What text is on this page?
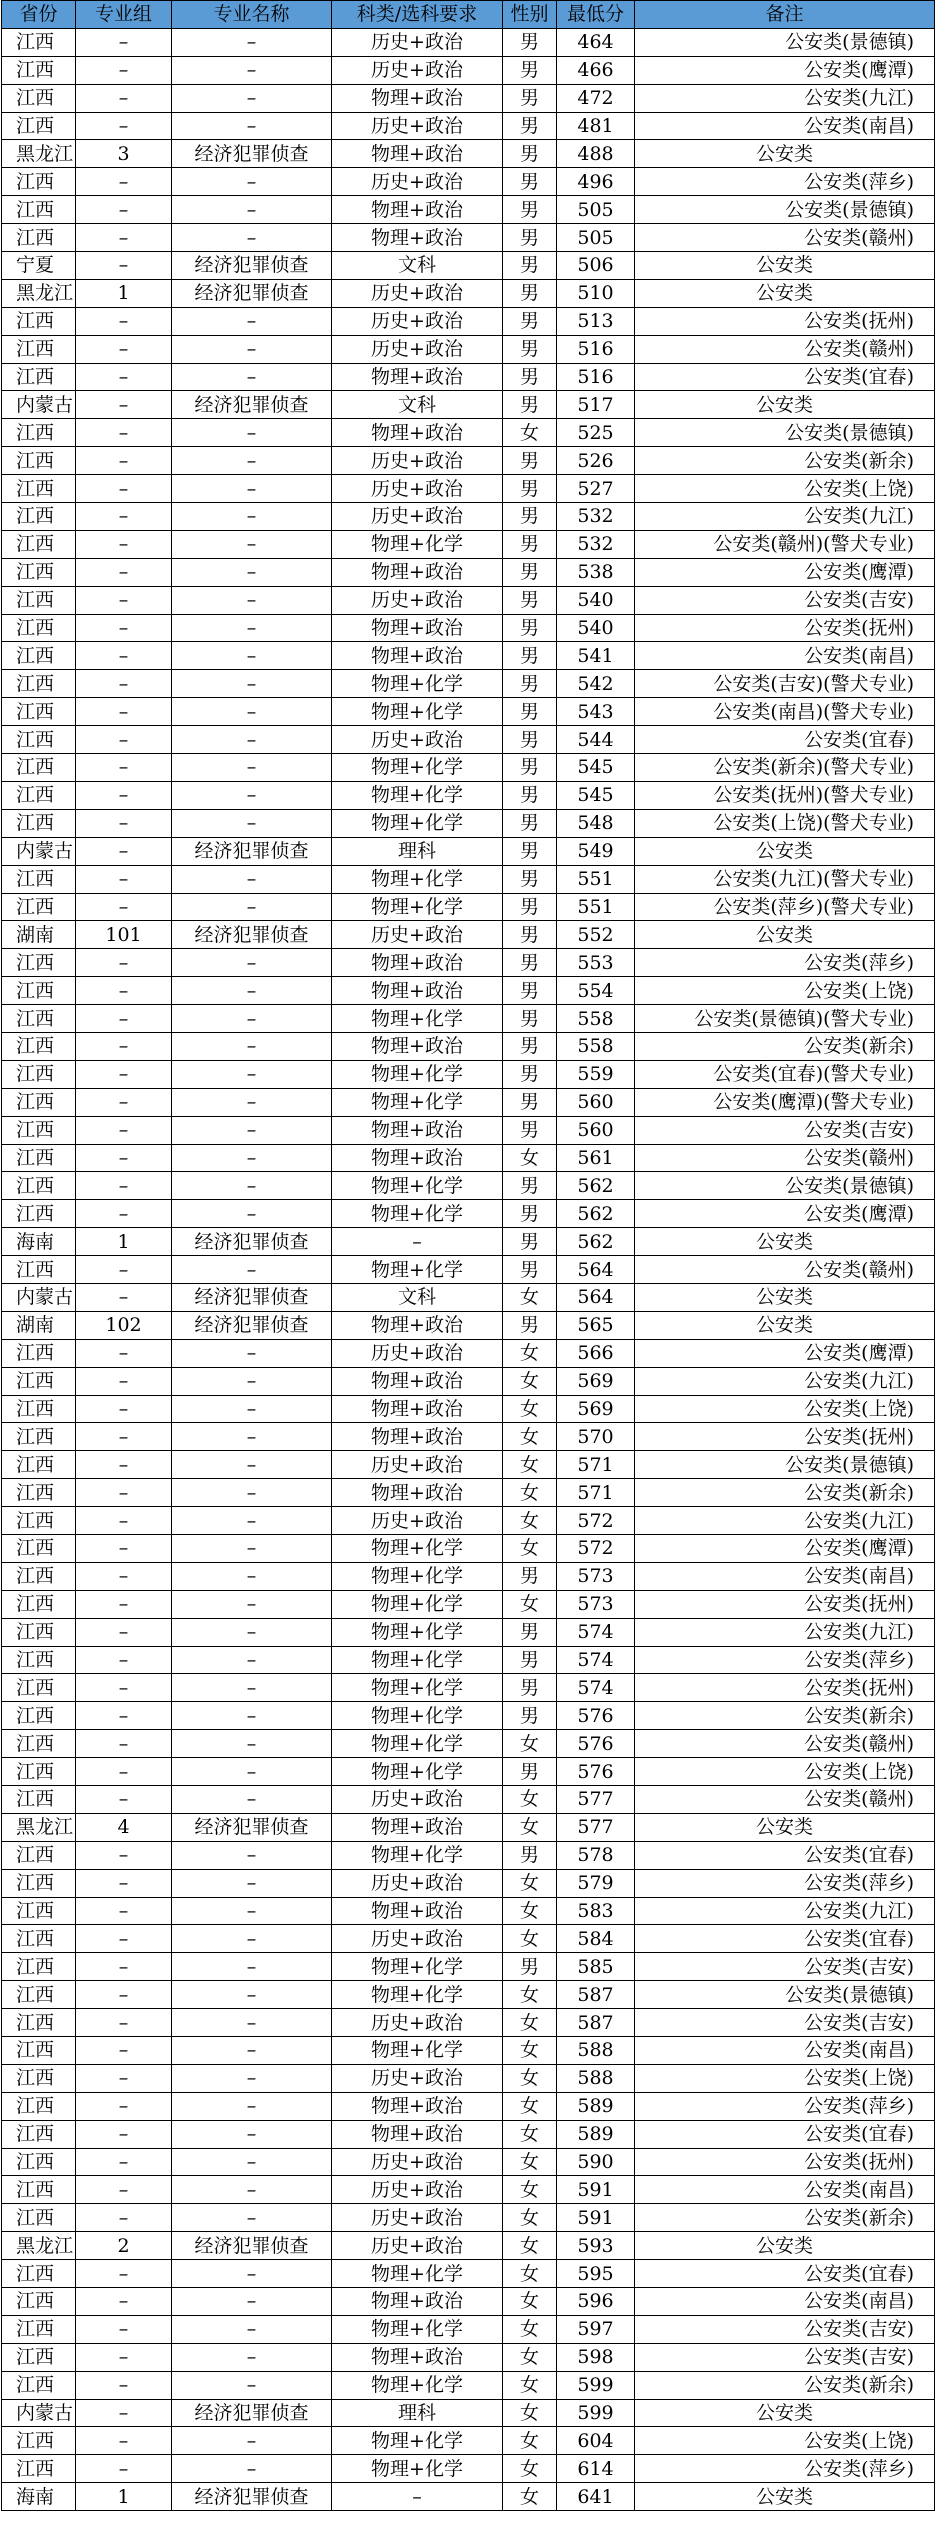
省份	专业组	专业名称	科类/选科要求	性别	最低分	备注
江西	–	–	历史+政治	男	464	公安类(景德镇)
江西	–	–	历史+政治	男	466	公安类(鹰潭)
江西	–	–	物理+政治	男	472	公安类(九江)
江西	–	–	历史+政治	男	481	公安类(南昌)
黑龙江	3	经济犯罪侦查	物理+政治	男	488	公安类
江西	–	–	历史+政治	男	496	公安类(萍乡)
江西	–	–	物理+政治	男	505	公安类(景德镇)
江西	–	–	物理+政治	男	505	公安类(赣州)
宁夏	–	经济犯罪侦查	文科	男	506	公安类
黑龙江	1	经济犯罪侦查	历史+政治	男	510	公安类
江西	–	–	历史+政治	男	513	公安类(抚州)
江西	–	–	历史+政治	男	516	公安类(赣州)
江西	–	–	物理+政治	男	516	公安类(宜春)
内蒙古	–	经济犯罪侦查	文科	男	517	公安类
江西	–	–	物理+政治	女	525	公安类(景德镇)
江西	–	–	历史+政治	男	526	公安类(新余)
江西	–	–	历史+政治	男	527	公安类(上饶)
江西	–	–	历史+政治	男	532	公安类(九江)
江西	–	–	物理+化学	男	532	公安类(赣州)(警犬专业)
江西	–	–	物理+政治	男	538	公安类(鹰潭)
江西	–	–	历史+政治	男	540	公安类(吉安)
江西	–	–	物理+政治	男	540	公安类(抚州)
江西	–	–	物理+政治	男	541	公安类(南昌)
江西	–	–	物理+化学	男	542	公安类(吉安)(警犬专业)
江西	–	–	物理+化学	男	543	公安类(南昌)(警犬专业)
江西	–	–	历史+政治	男	544	公安类(宜春)
江西	–	–	物理+化学	男	545	公安类(新余)(警犬专业)
江西	–	–	物理+化学	男	545	公安类(抚州)(警犬专业)
江西	–	–	物理+化学	男	548	公安类(上饶)(警犬专业)
内蒙古	–	经济犯罪侦查	理科	男	549	公安类
江西	–	–	物理+化学	男	551	公安类(九江)(警犬专业)
江西	–	–	物理+化学	男	551	公安类(萍乡)(警犬专业)
湖南	101	经济犯罪侦查	历史+政治	男	552	公安类
江西	–	–	物理+政治	男	553	公安类(萍乡)
江西	–	–	物理+政治	男	554	公安类(上饶)
江西	–	–	物理+化学	男	558	公安类(景德镇)(警犬专业)
江西	–	–	物理+政治	男	558	公安类(新余)
江西	–	–	物理+化学	男	559	公安类(宜春)(警犬专业)
江西	–	–	物理+化学	男	560	公安类(鹰潭)(警犬专业)
江西	–	–	物理+政治	男	560	公安类(吉安)
江西	–	–	物理+政治	女	561	公安类(赣州)
江西	–	–	物理+化学	男	562	公安类(景德镇)
江西	–	–	物理+化学	男	562	公安类(鹰潭)
海南	1	经济犯罪侦查	–	男	562	公安类
江西	–	–	物理+化学	男	564	公安类(赣州)
内蒙古	–	经济犯罪侦查	文科	女	564	公安类
湖南	102	经济犯罪侦查	物理+政治	男	565	公安类
江西	–	–	历史+政治	女	566	公安类(鹰潭)
江西	–	–	物理+政治	女	569	公安类(九江)
江西	–	–	物理+政治	女	569	公安类(上饶)
江西	–	–	物理+政治	女	570	公安类(抚州)
江西	–	–	历史+政治	女	571	公安类(景德镇)
江西	–	–	物理+政治	女	571	公安类(新余)
江西	–	–	历史+政治	女	572	公安类(九江)
江西	–	–	物理+化学	女	572	公安类(鹰潭)
江西	–	–	物理+化学	男	573	公安类(南昌)
江西	–	–	物理+化学	女	573	公安类(抚州)
江西	–	–	物理+化学	男	574	公安类(九江)
江西	–	–	物理+化学	男	574	公安类(萍乡)
江西	–	–	物理+化学	男	574	公安类(抚州)
江西	–	–	物理+化学	男	576	公安类(新余)
江西	–	–	物理+化学	女	576	公安类(赣州)
江西	–	–	物理+化学	男	576	公安类(上饶)
江西	–	–	历史+政治	女	577	公安类(赣州)
黑龙江	4	经济犯罪侦查	物理+政治	女	577	公安类
江西	–	–	物理+化学	男	578	公安类(宜春)
江西	–	–	历史+政治	女	579	公安类(萍乡)
江西	–	–	物理+政治	女	583	公安类(九江)
江西	–	–	历史+政治	女	584	公安类(宜春)
江西	–	–	物理+化学	男	585	公安类(吉安)
江西	–	–	物理+化学	女	587	公安类(景德镇)
江西	–	–	历史+政治	女	587	公安类(吉安)
江西	–	–	物理+化学	女	588	公安类(南昌)
江西	–	–	历史+政治	女	588	公安类(上饶)
江西	–	–	物理+政治	女	589	公安类(萍乡)
江西	–	–	物理+政治	女	589	公安类(宜春)
江西	–	–	历史+政治	女	590	公安类(抚州)
江西	–	–	历史+政治	女	591	公安类(南昌)
江西	–	–	历史+政治	女	591	公安类(新余)
黑龙江	2	经济犯罪侦查	历史+政治	女	593	公安类
江西	–	–	物理+化学	女	595	公安类(宜春)
江西	–	–	物理+政治	女	596	公安类(南昌)
江西	–	–	物理+化学	女	597	公安类(吉安)
江西	–	–	物理+政治	女	598	公安类(吉安)
江西	–	–	物理+化学	女	599	公安类(新余)
内蒙古	–	经济犯罪侦查	理科	女	599	公安类
江西	–	–	物理+化学	女	604	公安类(上饶)
江西	–	–	物理+化学	女	614	公安类(萍乡)
海南	1	经济犯罪侦查	–	女	641	公安类
